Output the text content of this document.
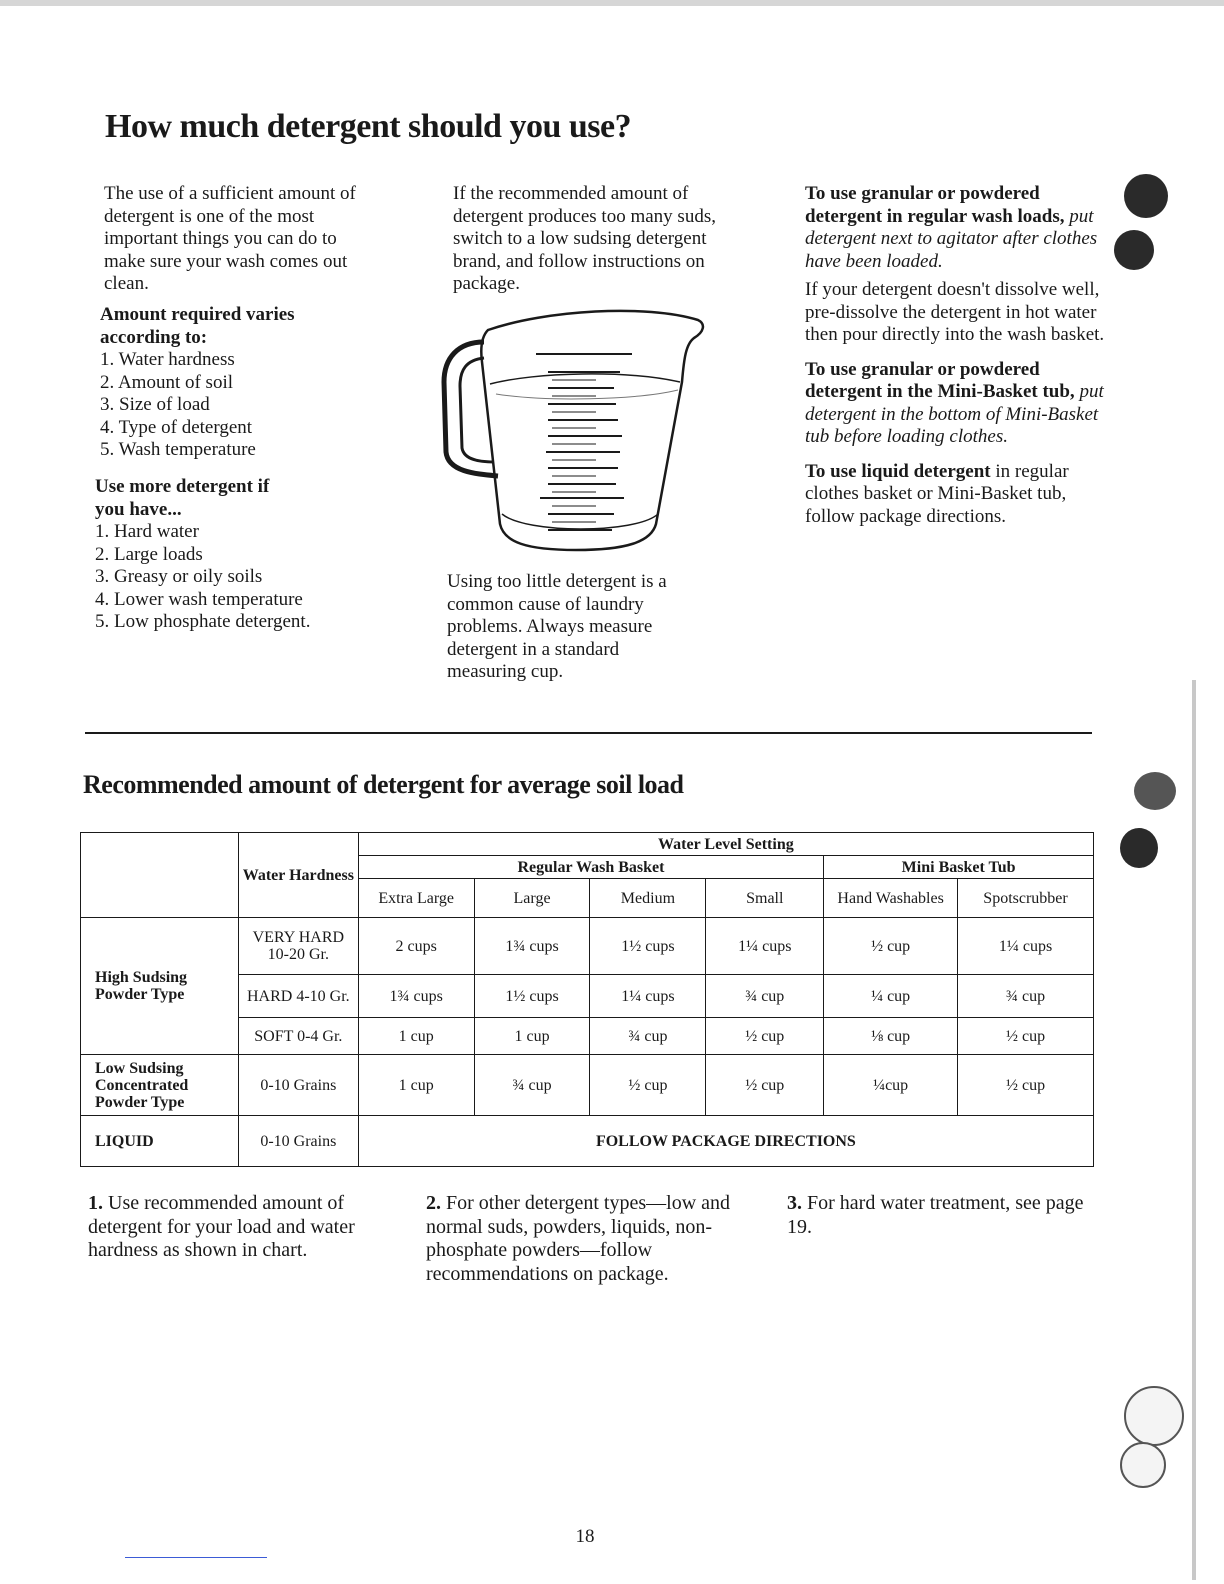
How much detergent should you use?

The use of a sufficient amount of detergent is one of the most important things you can do to make sure your wash comes out clean.

Amount required varies according to:

1. Water hardness
2. Amount of soil
3. Size of load
4. Type of detergent
5. Wash temperature

Use more detergent if you have...

1. Hard water
2. Large loads
3. Greasy or oily soils
4. Lower wash temperature
5. Low phosphate detergent.

If the recommended amount of detergent produces too many suds, switch to a low sudsing detergent brand, and follow instructions on package.

Using too little detergent is a common cause of laundry problems. Always measure detergent in a standard measuring cup.

To use granular or powdered detergent in regular wash loads, put detergent next to agitator after clothes have been loaded.

If your detergent doesn't dissolve well, pre-dissolve the detergent in hot water then pour directly into the wash basket.

To use granular or powdered detergent in the Mini-Basket tub, put detergent in the bottom of Mini-Basket tub before loading clothes.

To use liquid detergent in regular clothes basket or Mini-Basket tub, follow package directions.

Recommended amount of detergent for average soil load
	Water Hardness	Water Level Setting					
		Regular Wash Basket				Mini Basket Tub	
		Extra Large	Large	Medium	Small	Hand Washables	Spotscrubber
High Sudsing Powder Type	VERY HARD 10-20 Gr.	2 cups	1¾ cups	1½ cups	1¼ cups	½ cup	1¼ cups
	HARD 4-10 Gr.	1¾ cups	1½ cups	1¼ cups	¾ cup	¼ cup	¾ cup
	SOFT 0-4 Gr.	1 cup	1 cup	¾ cup	½ cup	⅛ cup	½ cup
Low Sudsing Concentrated Powder Type	0-10 Grains	1 cup	¾ cup	½ cup	½ cup	¼cup	½ cup
LIQUID	0-10 Grains	FOLLOW PACKAGE DIRECTIONS					
1. Use recommended amount of detergent for your load and water hardness as shown in chart.
2. For other detergent types—low and normal suds, powders, liquids, non-phosphate powders—follow recommendations on package.
3. For hard water treatment, see page 19.
18
